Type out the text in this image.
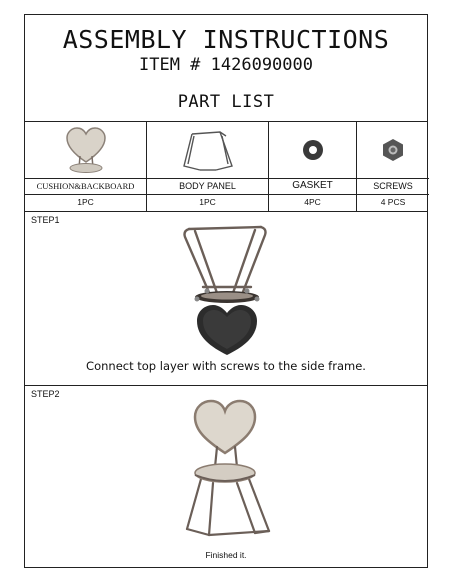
ASSEMBLY INSTRUCTIONS
ITEM # 1426090000
PART LIST
CUSHION&BACKBOARD
1PC
BODY PANEL
1PC
GASKET
4PC
SCREWS
4 PCS
STEP1
Connect top layer with screws to the side frame.
STEP2
Finished it.
